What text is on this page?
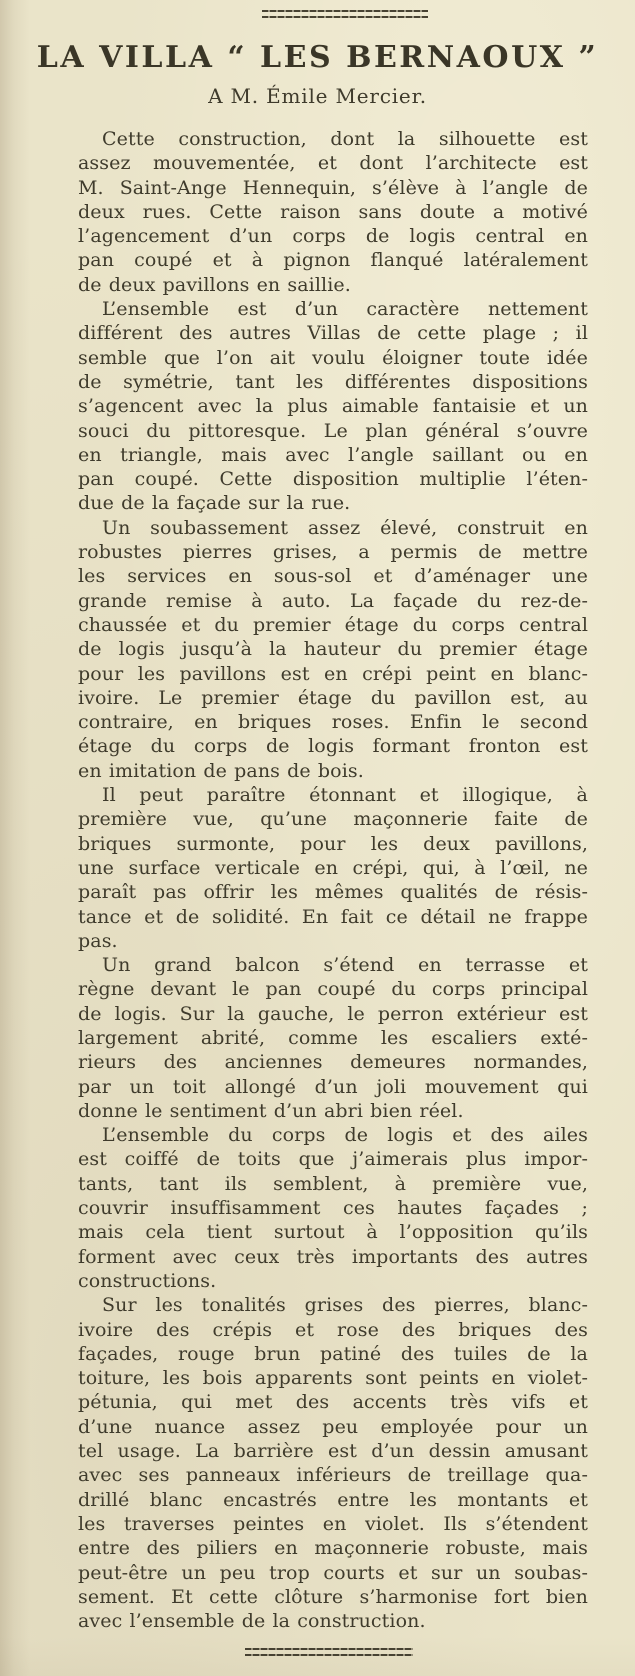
LA VILLA “ LES BERNAOUX ”
A M. Émile Mercier.
Cette construction, dont la silhouette est
assez mouvementée, et dont l’architecte est
M. Saint-Ange Hennequin, s’élève à l’angle de
deux rues. Cette raison sans doute a motivé
l’agencement d’un corps de logis central en
pan coupé et à pignon flanqué latéralement
de deux pavillons en saillie.
L’ensemble est d’un caractère nettement
différent des autres Villas de cette plage ; il
semble que l’on ait voulu éloigner toute idée
de symétrie, tant les différentes dispositions
s’agencent avec la plus aimable fantaisie et un
souci du pittoresque. Le plan général s’ouvre
en triangle, mais avec l’angle saillant ou en
pan coupé. Cette disposition multiplie l’éten-
due de la façade sur la rue.
Un soubassement assez élevé, construit en
robustes pierres grises, a permis de mettre
les services en sous-sol et d’aménager une
grande remise à auto. La façade du rez-de-
chaussée et du premier étage du corps central
de logis jusqu’à la hauteur du premier étage
pour les pavillons est en crépi peint en blanc-
ivoire. Le premier étage du pavillon est, au
contraire, en briques roses. Enfin le second
étage du corps de logis formant fronton est
en imitation de pans de bois.
Il peut paraître étonnant et illogique, à
première vue, qu’une maçonnerie faite de
briques surmonte, pour les deux pavillons,
une surface verticale en crépi, qui, à l’œil, ne
paraît pas offrir les mêmes qualités de résis-
tance et de solidité. En fait ce détail ne frappe
pas.
Un grand balcon s’étend en terrasse et
règne devant le pan coupé du corps principal
de logis. Sur la gauche, le perron extérieur est
largement abrité, comme les escaliers exté-
rieurs des anciennes demeures normandes,
par un toit allongé d’un joli mouvement qui
donne le sentiment d’un abri bien réel.
L’ensemble du corps de logis et des ailes
est coiffé de toits que j’aimerais plus impor-
tants, tant ils semblent, à première vue,
couvrir insuffisamment ces hautes façades ;
mais cela tient surtout à l’opposition qu’ils
forment avec ceux très importants des autres
constructions.
Sur les tonalités grises des pierres, blanc-
ivoire des crépis et rose des briques des
façades, rouge brun patiné des tuiles de la
toiture, les bois apparents sont peints en violet-
pétunia, qui met des accents très vifs et
d’une nuance assez peu employée pour un
tel usage. La barrière est d’un dessin amusant
avec ses panneaux inférieurs de treillage qua-
drillé blanc encastrés entre les montants et
les traverses peintes en violet. Ils s’étendent
entre des piliers en maçonnerie robuste, mais
peut-être un peu trop courts et sur un soubas-
sement. Et cette clôture s’harmonise fort bien
avec l’ensemble de la construction.
